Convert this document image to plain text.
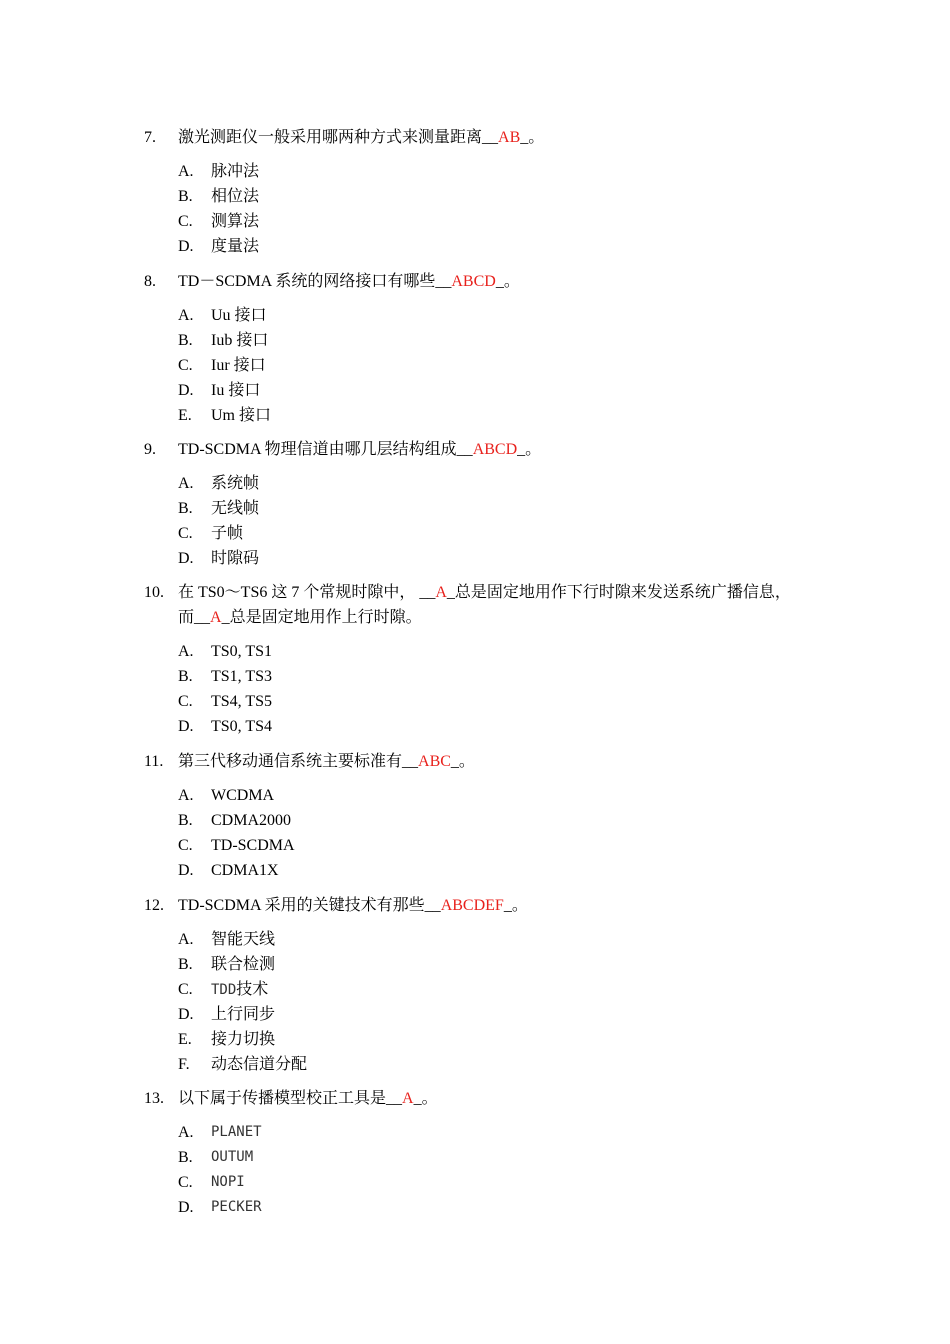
7. 激光测距仪一般采用哪两种方式来测量距离__AB_。
A. 脉冲法
B. 相位法
C. 测算法
D. 度量法
8. TD－SCDMA 系统的网络接口有哪些__ABCD_。
A. Uu 接口
B. Iub 接口
C. Iur 接口
D. Iu 接口
E. Um 接口
9. TD-SCDMA 物理信道由哪几层结构组成__ABCD_。
A. 系统帧
B. 无线帧
C. 子帧
D. 时隙码
10. 在 TS0～TS6 这 7 个常规时隙中， __A_总是固定地用作下行时隙来发送系统广播信息，
而__A_总是固定地用作上行时隙。
A. TS0, TS1
B. TS1, TS3
C. TS4, TS5
D. TS0, TS4
11. 第三代移动通信系统主要标准有__ABC_。
A. WCDMA
B. CDMA2000
C. TD-SCDMA
D. CDMA1X
12. TD-SCDMA 采用的关键技术有那些__ABCDEF_。
A. 智能天线
B. 联合检测
C. TDD技术
D. 上行同步
E. 接力切换
F. 动态信道分配
13. 以下属于传播模型校正工具是__A_。
A. PLANET
B. OUTUM
C. NOPI
D. PECKER
